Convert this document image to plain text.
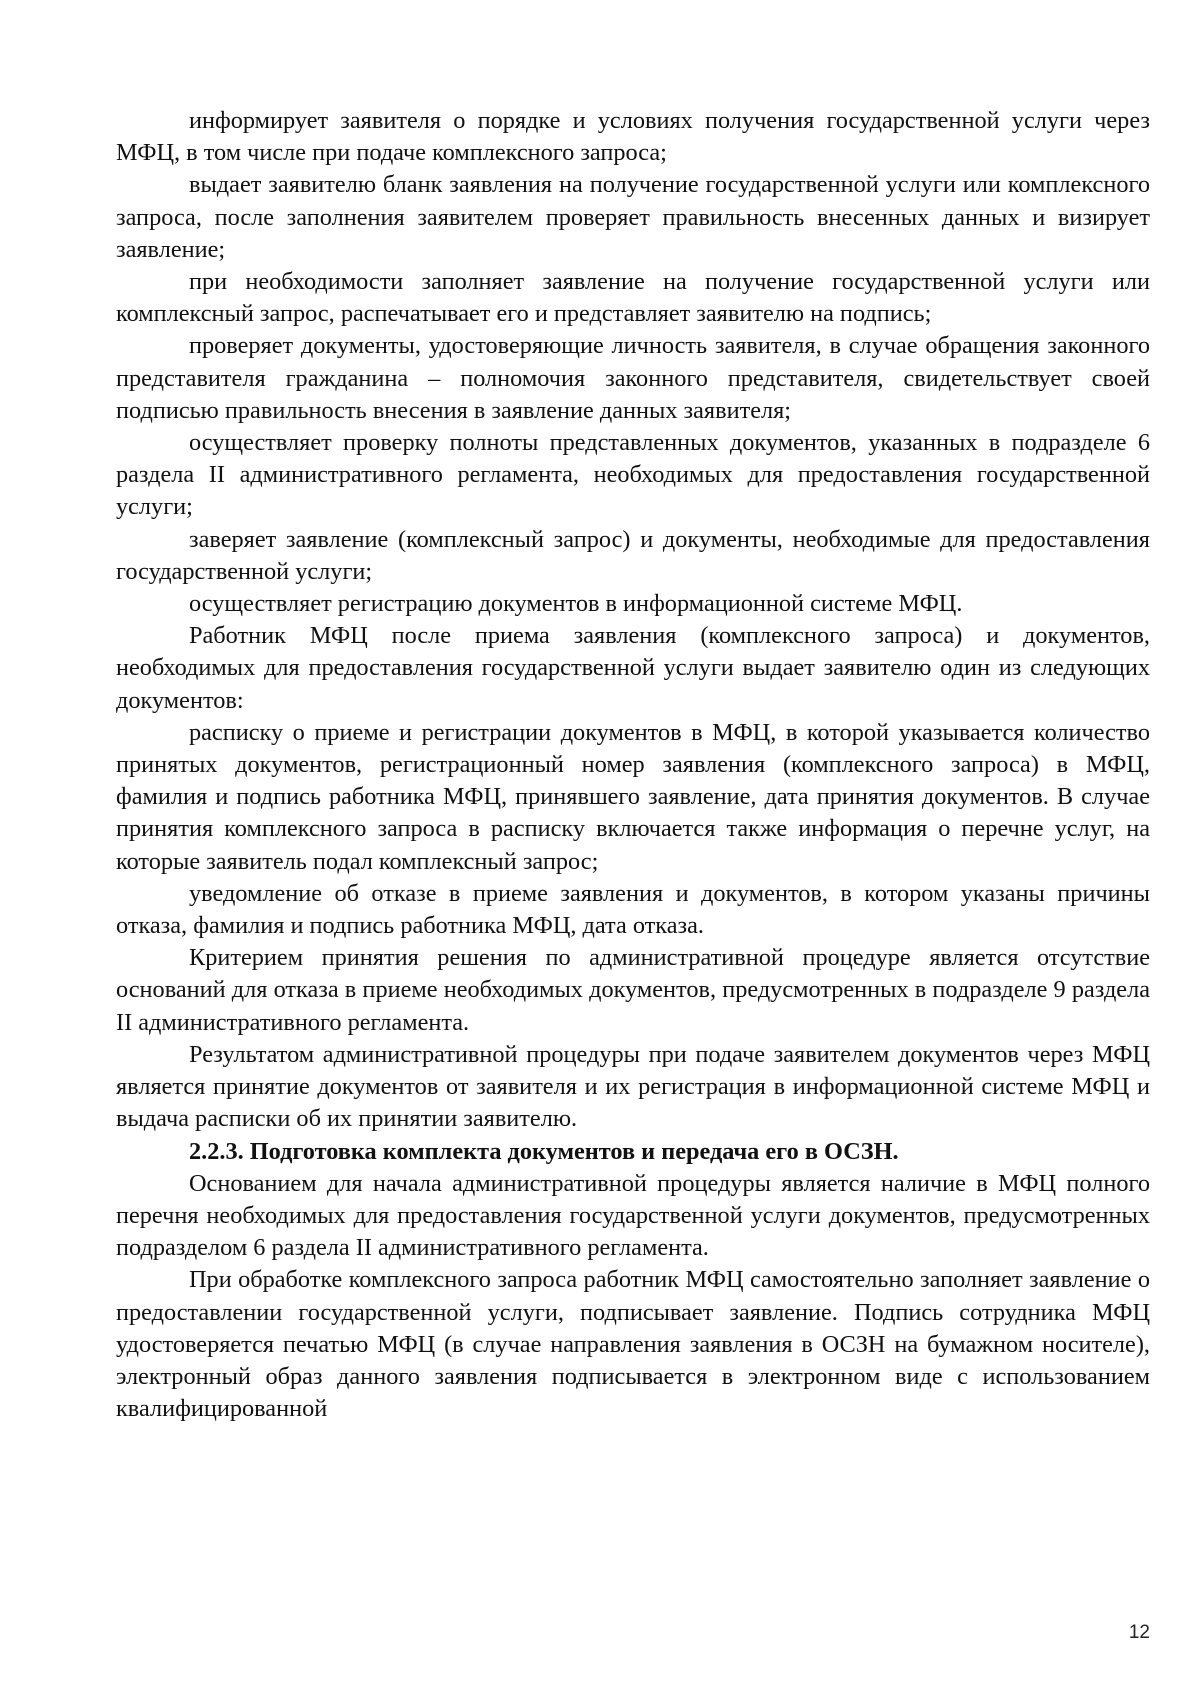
информирует заявителя о порядке и условиях получения государственной услуги через МФЦ, в том числе при подаче комплексного запроса;

выдает заявителю бланк заявления на получение государственной услуги или комплексного запроса, после заполнения заявителем проверяет правильность внесенных данных и визирует заявление;

при необходимости заполняет заявление на получение государственной услуги или комплексный запрос, распечатывает его и представляет заявителю на подпись;

проверяет документы, удостоверяющие личность заявителя, в случае обращения законного представителя гражданина – полномочия законного представителя, свидетельствует своей подписью правильность внесения в заявление данных заявителя;

осуществляет проверку полноты представленных документов, указанных в подразделе 6 раздела II административного регламента, необходимых для предоставления государственной услуги;

заверяет заявление (комплексный запрос) и документы, необходимые для предоставления государственной услуги;

осуществляет регистрацию документов в информационной системе МФЦ.

Работник МФЦ после приема заявления (комплексного запроса) и документов, необходимых для предоставления государственной услуги выдает заявителю один из следующих документов:

расписку о приеме и регистрации документов в МФЦ, в которой указывается количество принятых документов, регистрационный номер заявления (комплексного запроса) в МФЦ, фамилия и подпись работника МФЦ, принявшего заявление, дата принятия документов. В случае принятия комплексного запроса в расписку включается также информация о перечне услуг, на которые заявитель подал комплексный запрос;

уведомление об отказе в приеме заявления и документов, в котором указаны причины отказа, фамилия и подпись работника МФЦ, дата отказа.

Критерием принятия решения по административной процедуре является отсутствие оснований для отказа в приеме необходимых документов, предусмотренных в подразделе 9 раздела II административного регламента.

Результатом административной процедуры при подаче заявителем документов через МФЦ является принятие документов от заявителя и их регистрация в информационной системе МФЦ и выдача расписки об их принятии заявителю.

2.2.3. Подготовка комплекта документов и передача его в ОСЗН.

Основанием для начала административной процедуры является наличие в МФЦ полного перечня необходимых для предоставления государственной услуги документов, предусмотренных подразделом 6 раздела II административного регламента.

При обработке комплексного запроса работник МФЦ самостоятельно заполняет заявление о предоставлении государственной услуги, подписывает заявление. Подпись сотрудника МФЦ удостоверяется печатью МФЦ (в случае направления заявления в ОСЗН на бумажном носителе), электронный образ данного заявления подписывается в электронном виде с использованием квалифицированной

12
